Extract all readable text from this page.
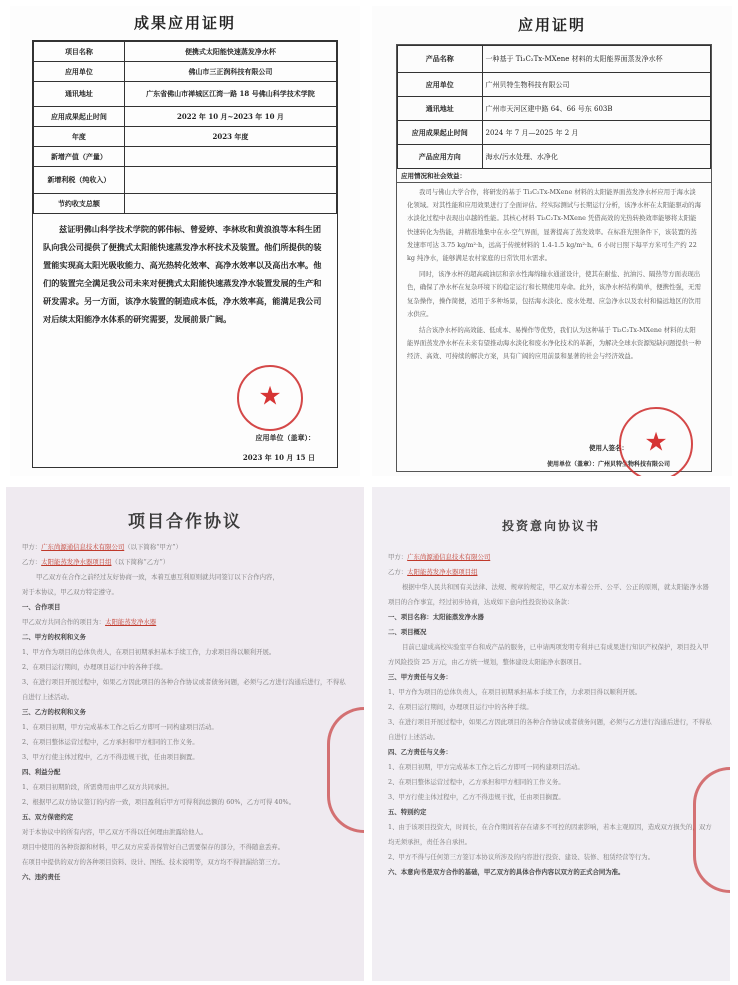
成果应用证明
项目名称	便携式太阳能快速蒸发净水杯
应用单位	佛山市三正润科技有限公司
通讯地址	广东省佛山市禅城区江湾一路 18 号佛山科学技术学院
应用成果起止时间	2022 年 10 月~2023 年 10 月
年度	2023 年度
新增产值（产量）	
新增利税（纯收入）	
节约收支总额	
兹证明佛山科学技术学院的郭伟标、曾爱婷、李林玫和黄浪浪等本科生团队向我公司提供了便携式太阳能快速蒸发净水杯技术及装置。他们所提供的装置能实现高太阳光吸收能力、高光热转化效率、高净水效率以及高出水率。他们的装置完全满足我公司未来对便携式太阳能快速蒸发净水装置发展的生产和研发需求。另一方面，该净水装置的制造成本低，净水效率高，能满足我公司对后续太阳能净水体系的研究需要，发展前景广阔。
★
应用单位（盖章）：
2023 年 10 月 15 日
应用证明
产品名称	一种基于 Ti₃C₂Tx-MXene 材料的太阳能界面蒸发净水杯
应用单位	广州贝特生物科技有限公司
通讯地址	广州市天河区建中路 64、66 号东 603B
应用成果起止时间	2024 年 7 月—2025 年 2 月
产品应用方向	海水/污水处理、水净化
应用情况和社会效益：

我司与佛山大学合作，将研发的基于 Ti₃C₂Tx-MXene 材料的太阳能界面蒸发净水杯应用于海水淡化领域。对其性能和应用效果进行了全面评估。经实际测试与长期运行分析，该净水杯在太阳能驱动的海水淡化过程中表现出卓越的性能。其核心材料 Ti₃C₂Tx-MXene 凭借高效的光热转换效率能够将太阳能快速转化为热能，并精准地集中在水-空气界面，显著提高了蒸发效率。在标准光照条件下，该装置的蒸发速率可达 3.75 kg/m²·h，远高于传统材料的 1.4-1.5 kg/m²·h。6 小时日照下每平方米可生产约 22 kg 纯净水，能够满足农村家庭的日常饮用水需求。

同时，该净水杯的超高疏油层和亲水性海绵输水通道设计，使其在耐盐、抗油污、隔热等方面表现出色，确保了净水杯在复杂环境下的稳定运行和长期使用寿命。此外，该净水杯结构简单，便携性强，无需复杂操作，操作简便，适用于多种场景，包括海水淡化、废水处理、应急净水以及农村和偏远地区的饮用水供应。

结合该净水杯的高效能、低成本、易操作等优势，我们认为这种基于 Ti₃C₂Tx-MXene 材料的太阳能界面蒸发净水杯在未来有望推动海水淡化和废水净化技术的革新，为解决全球水资源短缺问题提供一种经济、高效、可持续的解决方案，具有广阔的应用前景和显著的社会与经济效益。

使用人签名：
使用单位（盖章）：广州贝特生物科技有限公司
★
项目合作协议

甲方：广东尚源通信息技术有限公司（以下简称“甲方”）

乙方：太阳能蒸发净水器项目组（以下简称“乙方”）

甲乙双方在合作之前经过友好协商一致，本着互惠互利原则就共同签订以下合作内容，

对于本协议，甲乙双方特定遵守。

一、合作项目

甲乙双方共同合作的项目为：太阳能蒸发净水器

二、甲方的权利和义务

1、甲方作为项目的总体负责人，在项目初期承担基本手续工作，力求项目得以顺利开展。

2、在项目运行期间，办理项目运行中的各种手续。

3、在进行项目开展过程中，如果乙方因此项目的各种合作协议或者债务问题，必须与乙方进行沟通后进行，不得私自进行上述活动。

三、乙方的权利和义务

1、在项目初期，甲方完成基本工作之后乙方即可一同构建项目活动。

2、在项目整体运营过程中，乙方承担和甲方相同的工作义务。

3、甲方行使主体过程中，乙方不得违规干扰，任由项目搁置。

四、利益分配

1、在项目初期阶段，所需费用由甲乙双方共同承担。

2、根据甲乙双方协议签订的内容一致，项目盈利后甲方可得利润总额的 60%，乙方可得 40%。

五、双方保密约定

对于本协议中的所有内容，甲乙双方不得以任何理由泄露给他人。

项目中使用的各种资源和材料，甲乙双方应妥善保管好自己需要保存的部分，不得随意丢弃。

在项目中提供的双方的各种项目资料、设计、图纸、技术说明等，双方均不得泄漏给第三方。

六、违约责任

投资意向协议书

甲方：广东尚源通信息技术有限公司

乙方：太阳能蒸发净水器项目组

根据中华人民共和国有关法律、法规、规章的规定，甲乙双方本着公开、公平、公正的原则，就太阳能净水器项目的合作事宜，经过初步协商，达成如下意向性投资协议条款：

一、项目名称：太阳能蒸发净水器

二、项目概况

目前已建成高校实验室平台和成产品的服务，已申请两项发明专利并已有成果进行知识产权保护，项目投入甲方风险投资 25 万元，由乙方统一规划，整体建设太阳能净水器项目。

三、甲方责任与义务：

1、甲方作为项目的总体负责人，在项目初期承担基本手续工作，力求项目得以顺利开展。

2、在项目运行期间，办理项目运行中的各种手续。

3、在进行项目开展过程中，如果乙方因此项目的各种合作协议或者债务问题，必须与乙方进行沟通后进行，不得私自进行上述活动。

四、乙方责任与义务：

1、在项目初期，甲方完成基本工作之后乙方即可一同构建项目活动。

2、在项目整体运营过程中，乙方承担和甲方相同的工作义务。

3、甲方行使主体过程中，乙方不得违规干扰，任由项目搁置。

五、特别约定

1、由于该项目投资大，时间长，在合作期间若存在诸多不可控的因素影响，若本主观原因，造成双方损失的，双方均无须承担，责任各自承担。

2、甲方不得与任何第三方签订本协议所涉及的内容进行投资、建设、装修、租赁经营等行为。

六、本意向书是双方合作的基础，甲乙双方的具体合作内容以双方的正式合同为准。
